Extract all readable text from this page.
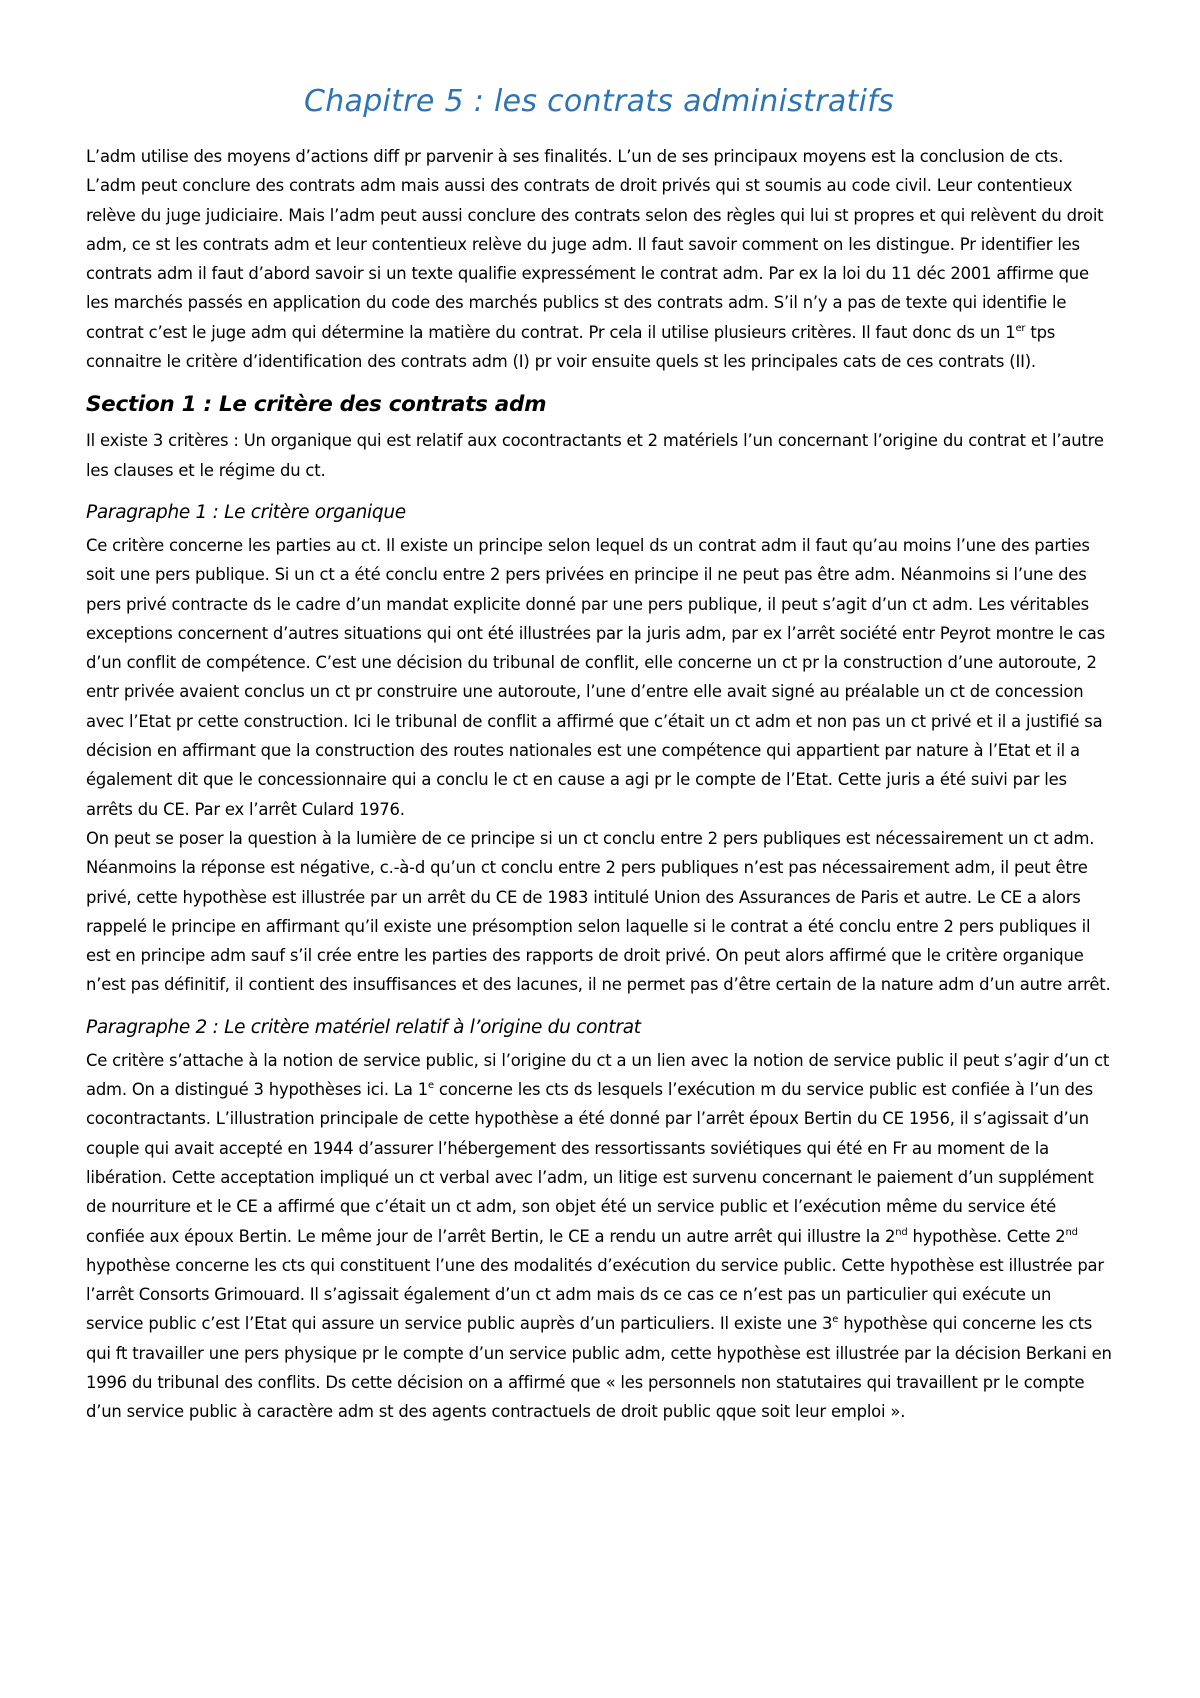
Chapitre 5 : les contrats administratifs

L’adm utilise des moyens d’actions diff pr parvenir à ses finalités. L’un de ses principaux moyens est la conclusion de cts. L’adm peut conclure des contrats adm mais aussi des contrats de droit privés qui st soumis au code civil. Leur contentieux relève du juge judiciaire. Mais l’adm peut aussi conclure des contrats selon des règles qui lui st propres et qui relèvent du droit adm, ce st les contrats adm et leur contentieux relève du juge adm. Il faut savoir comment on les distingue. Pr identifier les contrats adm il faut d’abord savoir si un texte qualifie expressément le contrat adm. Par ex la loi du 11 déc 2001 affirme que les marchés passés en application du code des marchés publics st des contrats adm. S’il n’y a pas de texte qui identifie le contrat c’est le juge adm qui détermine la matière du contrat. Pr cela il utilise plusieurs critères. Il faut donc ds un 1er tps connaitre le critère d’identification des contrats adm (I) pr voir ensuite quels st les principales cats de ces contrats (II).

Section 1 : Le critère des contrats adm

Il existe 3 critères : Un organique qui est relatif aux cocontractants et 2 matériels l’un concernant l’origine du contrat et l’autre les clauses et le régime du ct.

Paragraphe 1 : Le critère organique

Ce critère concerne les parties au ct. Il existe un principe selon lequel ds un contrat adm il faut qu’au moins l’une des parties soit une pers publique. Si un ct a été conclu entre 2 pers privées en principe il ne peut pas être adm. Néanmoins si l’une des pers privé contracte ds le cadre d’un mandat explicite donné par une pers publique, il peut s’agit d’un ct adm. Les véritables exceptions concernent d’autres situations qui ont été illustrées par la juris adm, par ex l’arrêt société entr Peyrot montre le cas d’un conflit de compétence. C’est une décision du tribunal de conflit, elle concerne un ct pr la construction d’une autoroute, 2 entr privée avaient conclus un ct pr construire une autoroute, l’une d’entre elle avait signé au préalable un ct de concession avec l’Etat pr cette construction. Ici le tribunal de conflit a affirmé que c’était un ct adm et non pas un ct privé et il a justifié sa décision en affirmant que la construction des routes nationales est une compétence qui appartient par nature à l’Etat et il a également dit que le concessionnaire qui a conclu le ct en cause a agi pr le compte de l’Etat. Cette juris a été suivi par les arrêts du CE. Par ex l’arrêt Culard 1976.

On peut se poser la question à la lumière de ce principe si un ct conclu entre 2 pers publiques est nécessairement un ct adm. Néanmoins la réponse est négative, c.-à-d qu’un ct conclu entre 2 pers publiques n’est pas nécessairement adm, il peut être privé, cette hypothèse est illustrée par un arrêt du CE de 1983 intitulé Union des Assurances de Paris et autre. Le CE a alors rappelé le principe en affirmant qu’il existe une présomption selon laquelle si le contrat a été conclu entre 2 pers publiques il est en principe adm sauf s’il crée entre les parties des rapports de droit privé. On peut alors affirmé que le critère organique n’est pas définitif, il contient des insuffisances et des lacunes, il ne permet pas d’être certain de la nature adm d’un autre arrêt.

Paragraphe 2 : Le critère matériel relatif à l’origine du contrat

Ce critère s’attache à la notion de service public, si l’origine du ct a un lien avec la notion de service public il peut s’agir d’un ct adm. On a distingué 3 hypothèses ici. La 1e concerne les cts ds lesquels l’exécution m du service public est confiée à l’un des cocontractants. L’illustration principale de cette hypothèse a été donné par l’arrêt époux Bertin du CE 1956, il s’agissait d’un couple qui avait accepté en 1944 d’assurer l’hébergement des ressortissants soviétiques qui été en Fr au moment de la libération. Cette acceptation impliqué un ct verbal avec l’adm, un litige est survenu concernant le paiement d’un supplément de nourriture et le CE a affirmé que c’était un ct adm, son objet été un service public et l’exécution même du service été confiée aux époux Bertin. Le même jour de l’arrêt Bertin, le CE a rendu un autre arrêt qui illustre la 2nd hypothèse. Cette 2nd hypothèse concerne les cts qui constituent l’une des modalités d’exécution du service public. Cette hypothèse est illustrée par l’arrêt Consorts Grimouard. Il s’agissait également d’un ct adm mais ds ce cas ce n’est pas un particulier qui exécute un service public c’est l’Etat qui assure un service public auprès d’un particuliers. Il existe une 3e hypothèse qui concerne les cts qui ft travailler une pers physique pr le compte d’un service public adm, cette hypothèse est illustrée par la décision Berkani en 1996 du tribunal des conflits. Ds cette décision on a affirmé que « les personnels non statutaires qui travaillent pr le compte d’un service public à caractère adm st des agents contractuels de droit public qque soit leur emploi ».
